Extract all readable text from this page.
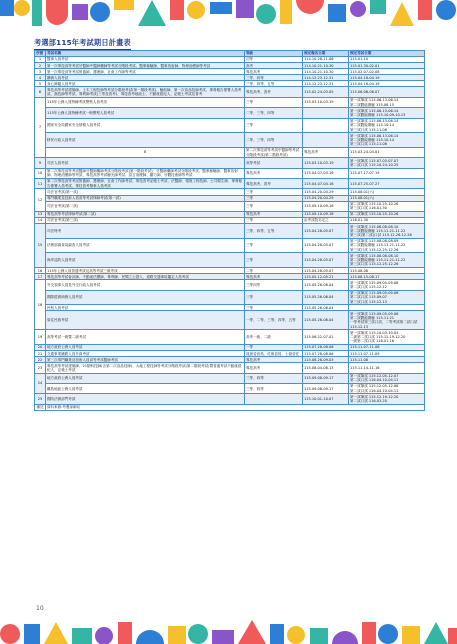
考選部115年考試期日計畫表
序號	考試名稱	等級	預定報名日期	預定考試日期	
1	醫事人員考試	初等	114.10.28-11.06	115.01.10	
2	第一次專技高等考試牙醫師中醫師藥師等考試分階段考試、醫事檢驗師、醫事放射師、物理治療師等考試	高考	114.10.21-10.30	115.01.30-02.01	
3	第一次專技高等考試營養師、護理師、社會工作師等考試	專技高考	114.10.21-10.30	115.02.07-02.08	
4	關務人員考試	三等、四等	114.12.23-12.31	115.04.18-04.19	
5	身心障礙人員考試	三等、四等、五等	114.12.23-12.31	115.04.18-04.19	
6	專技高等考試建築師、土木工程技師等考試分階段考試(第一階段考試)、驗船師、第一次食品技師考試、專責報告簽署人員考試、漁技師等考試、專利師考試(三等及普考)、專技普考地政士、不動產經紀人、記帳士考試及普考	專技高考、普考	115.02.24-03.05	115.06.06-06.07	
7	115年公務人員特種考試警察人員考試	三等	115.03.10-03.19	第一試筆試 115.06.13-06.14
第二試體能測驗 115.08.15	
	115年公務人員特種考試一般警察人員考試	二等、三等、四等		第一試筆試 115.06.13-06.14
第二試體能測驗 115.10.09-10.13	
	國家安全局國家安全情報人員考試	三等		第一試筆試 115.06.13-06.14
第二試體能測驗 115.10.14
第三試口試 115.11.08	
	移民行政人員考試	二等、三等、四等		第一試筆試 115.06.13-06.14
第二試體能測驗 115.10.14
第三試口試 115.11.08	
	8	第二次專技高等考試中醫師等考試分階段考試(第二階段考試)	專技高考	115.03.24-04.01	
9	司法人員考試	高等考試	115.03.10-03.19	第一試筆試 115.07.03-07.07
第二試口試 115.10.24-10.25	
10	第二次專技高等考試醫師牙醫師藥師考試分階段考試(第一階段考試)、牙醫師藥師考試分階段考試、醫事檢驗師、醫事放射師、物理治療師等考試、專技高等考試驗光師考試、語言治療師、聽力師、牙體技術師等考試	專技高考	115.04.07-04.16	115.07.17-07.19	
11	第二次專技高等考試營養師、護理師、社會工作師考試、專技普考記帳士考試、法醫師、環境工程技師、公共衛生師、專責報告簽署人員考試、專技普考錄事人員考試	專技高考、普考	115.04.07-04.16	115.07.25-07.27	
12	司法官考試(第一試)	三等	115.04.20-04.29	115.08.01(六)	
	專門職業及技術人員高等考試律師考試(第一試)	三等	115.04.20-04.29	115.08.01(六)	
	司法官考試(第二試)	三等	115.09.10-09.16	第二試筆試 115.10.25-10.26
第三試口試 116.01.30	
13	專技高等考試律師考試(第二試)	專技高考	115.09.10-09.16	第二試筆試 115.10.25-10.26	
14	司法官考試(第三試)	三等	由考試院另定之	116.01.30	
15	司法特考	三等、四等、五等	115.04.28-05.07	第一試筆試 115.08.08-08.10
第二試體能測驗 115.11.21-11.22
第三試(第二試)口試 115.12.26-12.26	
	法務部調查局調查人員考試	三等	115.04.28-05.07	第一試筆試 115.08.08-08.09
第二試體能測驗 115.11.21-11.22
第三試口試 115.12.25-12.26	
	海岸巡防人員考試	三等	115.04.28-05.07	第一試筆試 115.08.08-08.10
第二試體能測驗 115.11.21-11.22
第三試口試 115.12.25-12.26	
16	115年公務人員普通考試及高等考試三級考試	二等	115.04.28-05.07	115.08.08	
17	專技高等考試會計師、不動產估價師、專利師、民間之公證人、道路交通事故鑑定人員考試	專技高考	115.05.12-05.21	115.08.15-08.17	
18	外交領事人員及外交行政人員考試	三等四等	115.05.26-06.04	第一試筆試 115.09.05-09.06
第二試口試 115.12.12	
	國際經濟商務人員考試	三等	115.05.26-06.04	第一試筆試 115.09.05-09.06
第二試口試 115.09.07
第三試口試 115.12.13	
	民航人員考試	三等	115.05.26-06.04		
	原住民族考試	一等、二等、三等、四等、五等	115.05.26-06.04	第一試筆試 115.09.05-09.06
第二試體能測驗 115.11.21
一等考試第三試口試、二等考試第二試口試 115.12.13	
19	高等考試一級暨二級考試	高考一級、二級	115.06.22-07.01	第一試筆試 115.10.03-10.04
二級第二試口試 115.12.19-12.20
一級第二試口試 116.01.16	
20	地方政府公務人員考試	一等	115.07.28-08.06	115.11.07-11.08	
21	交通事業鐵路人員升資考試	員級晉高員、佐級晉員、士級晉佐	115.07.28-08.06	115.11.07-11.09	
22	第三次專門職業及技術人員高等考試醫師考試	專技高考	115.08.28-09.03	115.11.08	
23	專技高等考試建築師、21類科技師(含第二次食品技師)、大地工程技師等考試分階段考試(第二階段考試)暨普通考試不動產經紀人、記帳士考試	專技高考	115.08.04-08.13	115.11.14-11.16	
24	地方政府公務人員考試	三等、四等	115.09.08-09.17	第一試筆試 115.12.05-12.07
第二試口試 116.04.10-04.11	
	離島地區公務人員考試	三等、四等	115.09.08-09.17	第一試筆試 115.12.05-12.06
第二試口試 116.04.10-04.11	
25	國防法務部門考試		115.10.01-10.07	第一試筆試 115.12.19-12.20
第二試口試 116.03.20	
備註	資料來源:考選部網站				
10
